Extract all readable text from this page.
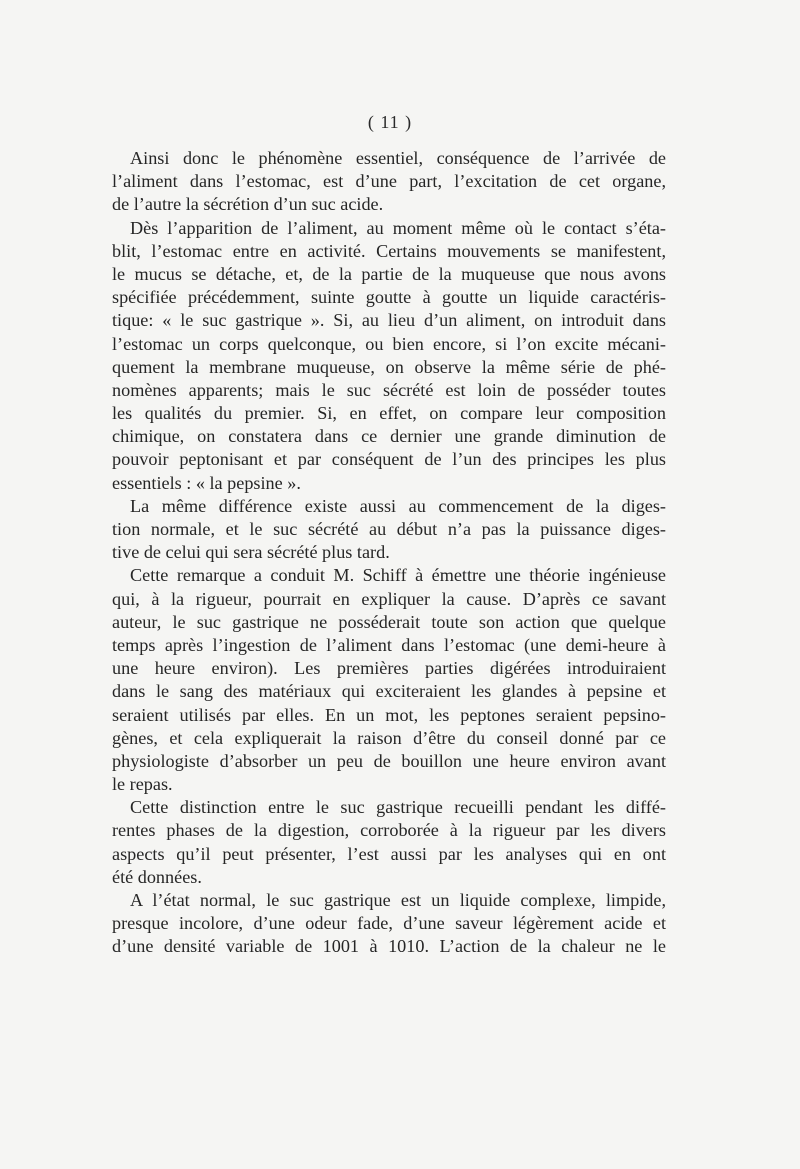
( 11 )
Ainsi donc le phénomène essentiel, conséquence de l’arrivée de
l’aliment dans l’estomac, est d’une part, l’excitation de cet organe,
de l’autre la sécrétion d’un suc acide.
Dès l’apparition de l’aliment, au moment même où le contact s’éta-
blit, l’estomac entre en activité. Certains mouvements se manifestent,
le mucus se détache, et, de la partie de la muqueuse que nous avons
spécifiée précédemment, suinte goutte à goutte un liquide caractéris-
tique: « le suc gastrique ». Si, au lieu d’un aliment, on introduit dans
l’estomac un corps quelconque, ou bien encore, si l’on excite mécani-
quement la membrane muqueuse, on observe la même série de phé-
nomènes apparents; mais le suc sécrété est loin de posséder toutes
les qualités du premier. Si, en effet, on compare leur composition
chimique, on constatera dans ce dernier une grande diminution de
pouvoir peptonisant et par conséquent de l’un des principes les plus
essentiels : « la pepsine ».
La même différence existe aussi au commencement de la diges-
tion normale, et le suc sécrété au début n’a pas la puissance diges-
tive de celui qui sera sécrété plus tard.
Cette remarque a conduit M. Schiff à émettre une théorie ingénieuse
qui, à la rigueur, pourrait en expliquer la cause. D’après ce savant
auteur, le suc gastrique ne posséderait toute son action que quelque
temps après l’ingestion de l’aliment dans l’estomac (une demi-heure à
une heure environ). Les premières parties digérées introduiraient
dans le sang des matériaux qui exciteraient les glandes à pepsine et
seraient utilisés par elles. En un mot, les peptones seraient pepsino-
gènes, et cela expliquerait la raison d’être du conseil donné par ce
physiologiste d’absorber un peu de bouillon une heure environ avant
le repas.
Cette distinction entre le suc gastrique recueilli pendant les diffé-
rentes phases de la digestion, corroborée à la rigueur par les divers
aspects qu’il peut présenter, l’est aussi par les analyses qui en ont
été données.
A l’état normal, le suc gastrique est un liquide complexe, limpide,
presque incolore, d’une odeur fade, d’une saveur légèrement acide et
d’une densité variable de 1001 à 1010. L’action de la chaleur ne le
